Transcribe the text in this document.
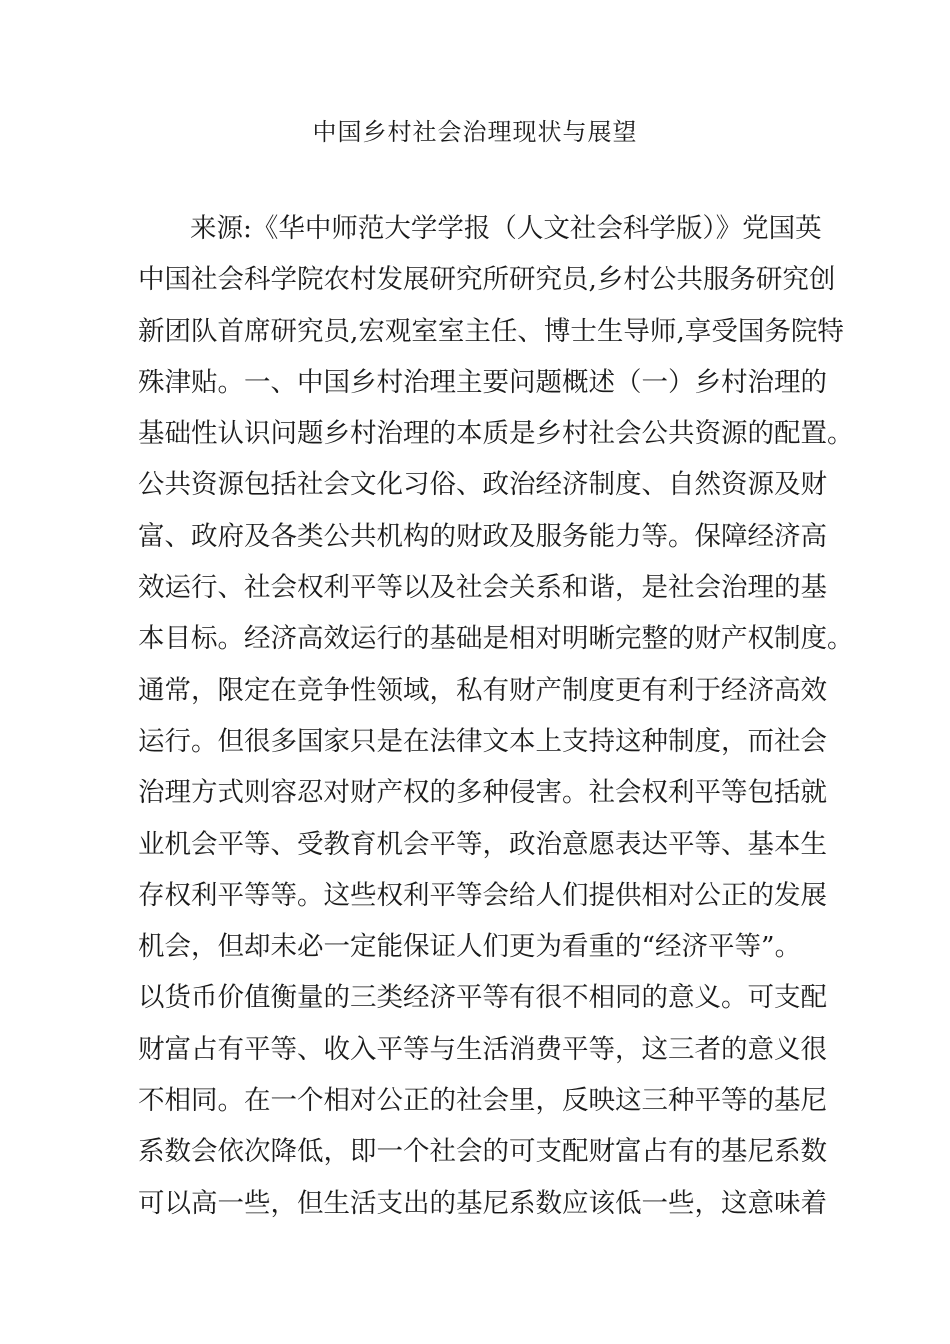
中国乡村社会治理现状与展望
来源:《华中师范大学学报（人文社会科学版）》党国英
中国社会科学院农村发展研究所研究员,乡村公共服务研究创
新团队首席研究员,宏观室室主任、博士生导师,享受国务院特
殊津贴。一、中国乡村治理主要问题概述（一）乡村治理的
基础性认识问题乡村治理的本质是乡村社会公共资源的配置。
公共资源包括社会文化习俗、政治经济制度、自然资源及财
富、政府及各类公共机构的财政及服务能力等。保障经济高
效运行、社会权利平等以及社会关系和谐，是社会治理的基
本目标。经济高效运行的基础是相对明晰完整的财产权制度。
通常，限定在竞争性领域，私有财产制度更有利于经济高效
运行。但很多国家只是在法律文本上支持这种制度，而社会
治理方式则容忍对财产权的多种侵害。社会权利平等包括就
业机会平等、受教育机会平等，政治意愿表达平等、基本生
存权利平等等。这些权利平等会给人们提供相对公正的发展
机会，但却未必一定能保证人们更为看重的“经济平等”。
以货币价值衡量的三类经济平等有很不相同的意义。可支配
财富占有平等、收入平等与生活消费平等，这三者的意义很
不相同。在一个相对公正的社会里，反映这三种平等的基尼
系数会依次降低，即一个社会的可支配财富占有的基尼系数
可以高一些，但生活支出的基尼系数应该低一些，这意味着
